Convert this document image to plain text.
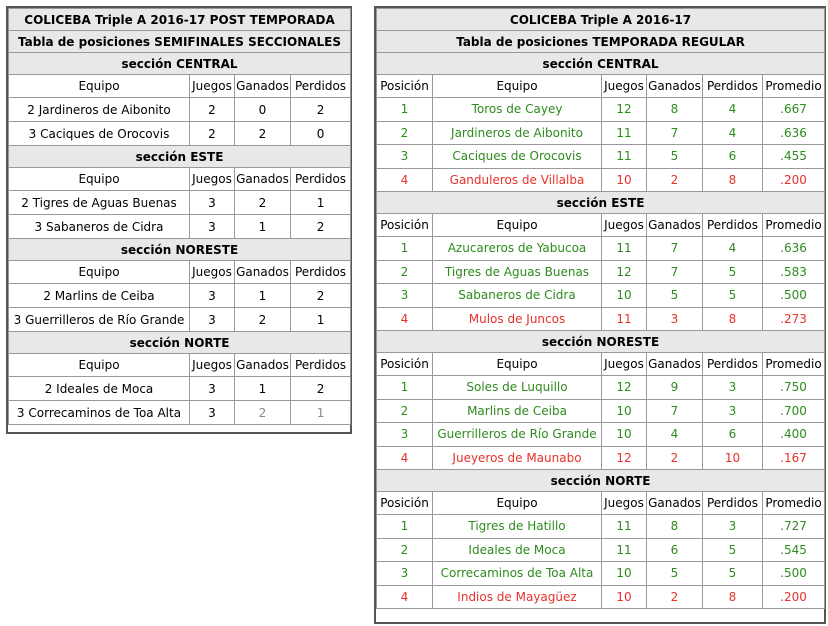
COLICEBA Triple A 2016-17 POST TEMPORADA			
Tabla de posiciones SEMIFINALES SECCIONALES			
sección CENTRAL			
Equipo	Juegos	Ganados	Perdidos
2 Jardineros de Aibonito	2	0	2
3 Caciques de Orocovis	2	2	0
sección ESTE			
Equipo	Juegos	Ganados	Perdidos
2 Tigres de Aguas Buenas	3	2	1
3 Sabaneros de Cidra	3	1	2
sección NORESTE			
Equipo	Juegos	Ganados	Perdidos
2 Marlins de Ceiba	3	1	2
3 Guerrilleros de Río Grande	3	2	1
sección NORTE			
Equipo	Juegos	Ganados	Perdidos
2 Ideales de Moca	3	1	2
3 Correcaminos de Toa Alta	3	2	1
COLICEBA Triple A 2016-17					
Tabla de posiciones TEMPORADA REGULAR					
sección CENTRAL					
Posición	Equipo	Juegos	Ganados	Perdidos	Promedio
1	Toros de Cayey	12	8	4	.667
2	Jardineros de Aibonito	11	7	4	.636
3	Caciques de Orocovis	11	5	6	.455
4	Ganduleros de Villalba	10	2	8	.200
sección ESTE					
Posición	Equipo	Juegos	Ganados	Perdidos	Promedio
1	Azucareros de Yabucoa	11	7	4	.636
2	Tigres de Aguas Buenas	12	7	5	.583
3	Sabaneros de Cidra	10	5	5	.500
4	Mulos de Juncos	11	3	8	.273
sección NORESTE					
Posición	Equipo	Juegos	Ganados	Perdidos	Promedio
1	Soles de Luquillo	12	9	3	.750
2	Marlins de Ceiba	10	7	3	.700
3	Guerrilleros de Río Grande	10	4	6	.400
4	Jueyeros de Maunabo	12	2	10	.167
sección NORTE					
Posición	Equipo	Juegos	Ganados	Perdidos	Promedio
1	Tigres de Hatillo	11	8	3	.727
2	Ideales de Moca	11	6	5	.545
3	Correcaminos de Toa Alta	10	5	5	.500
4	Indios de Mayagüez	10	2	8	.200
